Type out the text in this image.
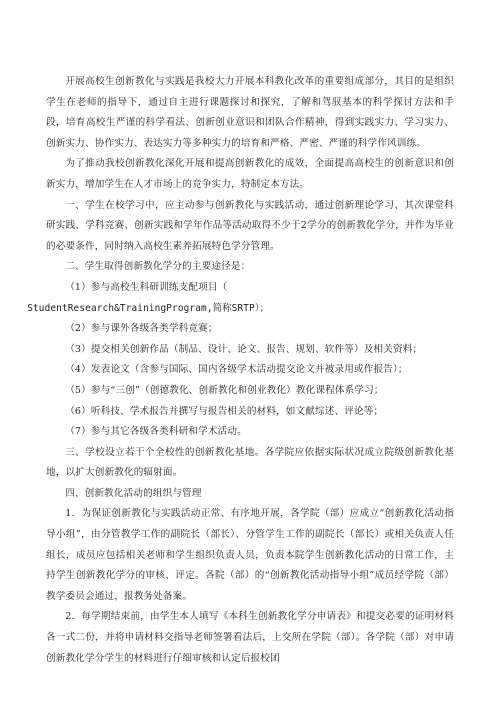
开展高校生创新教化与实践是我校大力开展本科教化改革的重要组成部分，其目的是组织学生在老师的指导下，通过自主进行课题探讨和探究，了解和驾驭基本的科学探讨方法和手段，培育高校生严谨的科学看法、创新创业意识和团队合作精神，得到实践实力、学习实力、创新实力、协作实力、表达实力等多种实力的培育和严格、严密、严谨的科学作风训练。

为了推动我校创新教化深化开展和提高创新教化的成效，全面提高高校生的创新意识和创新实力，增加学生在人才市场上的竞争实力，特制定本方法。

一、学生在校学习中，应主动参与创新教化与实践活动，通过创新理论学习、其次课堂科研实践、学科竞赛、创新实践和学年作品等活动取得不少于2学分的创新教化学分，并作为毕业的必要条件，同时纳入高校生素养拓展特色学分管理。

二、学生取得创新教化学分的主要途径是：

（1）参与高校生科研训练支配项目（
StudentResearch&TrainingProgram,简称SRTP）；

（2）参与课外各级各类学科竞赛；

（3）提交相关创新作品（制品、设计、论文、报告、规划、软件等）及相关资料；

（4）发表论文（含参与国际、国内各级学术活动提交论文并被录用或作报告）；

（5）参与“三创”（创德教化、创新教化和创业教化）教化课程体系学习；

（6）听科技、学术报告并撰写与报告相关的材料，如文献综述、评论等；

（7）参与其它各级各类科研和学术活动。

三、学校设立若干个全校性的创新教化基地。各学院应依据实际状况成立院级创新教化基地，以扩大创新教化的辐射面。

四、创新教化活动的组织与管理

1．为保证创新教化与实践活动正常、有序地开展，各学院（部）应成立“创新教化活动指导小组”，由分管教学工作的副院长（部长）、分管学生工作的副院长（部长）或相关负责人任组长，成员应包括相关老师和学生组织负责人员，负责本院学生创新教化活动的日常工作，主持学生创新教化学分的审核、评定。各院（部）的“创新教化活动指导小组”成员经学院（部）教学委员会通过，报教务处备案。

2．每学期结束前，由学生本人填写《本科生创新教化学分申请表》和提交必要的证明材料各一式二份，并将申请材料交指导老师签署看法后，上交所在学院（部）。各学院（部）对申请创新教化学分学生的材料进行仔细审核和认定后报校团
